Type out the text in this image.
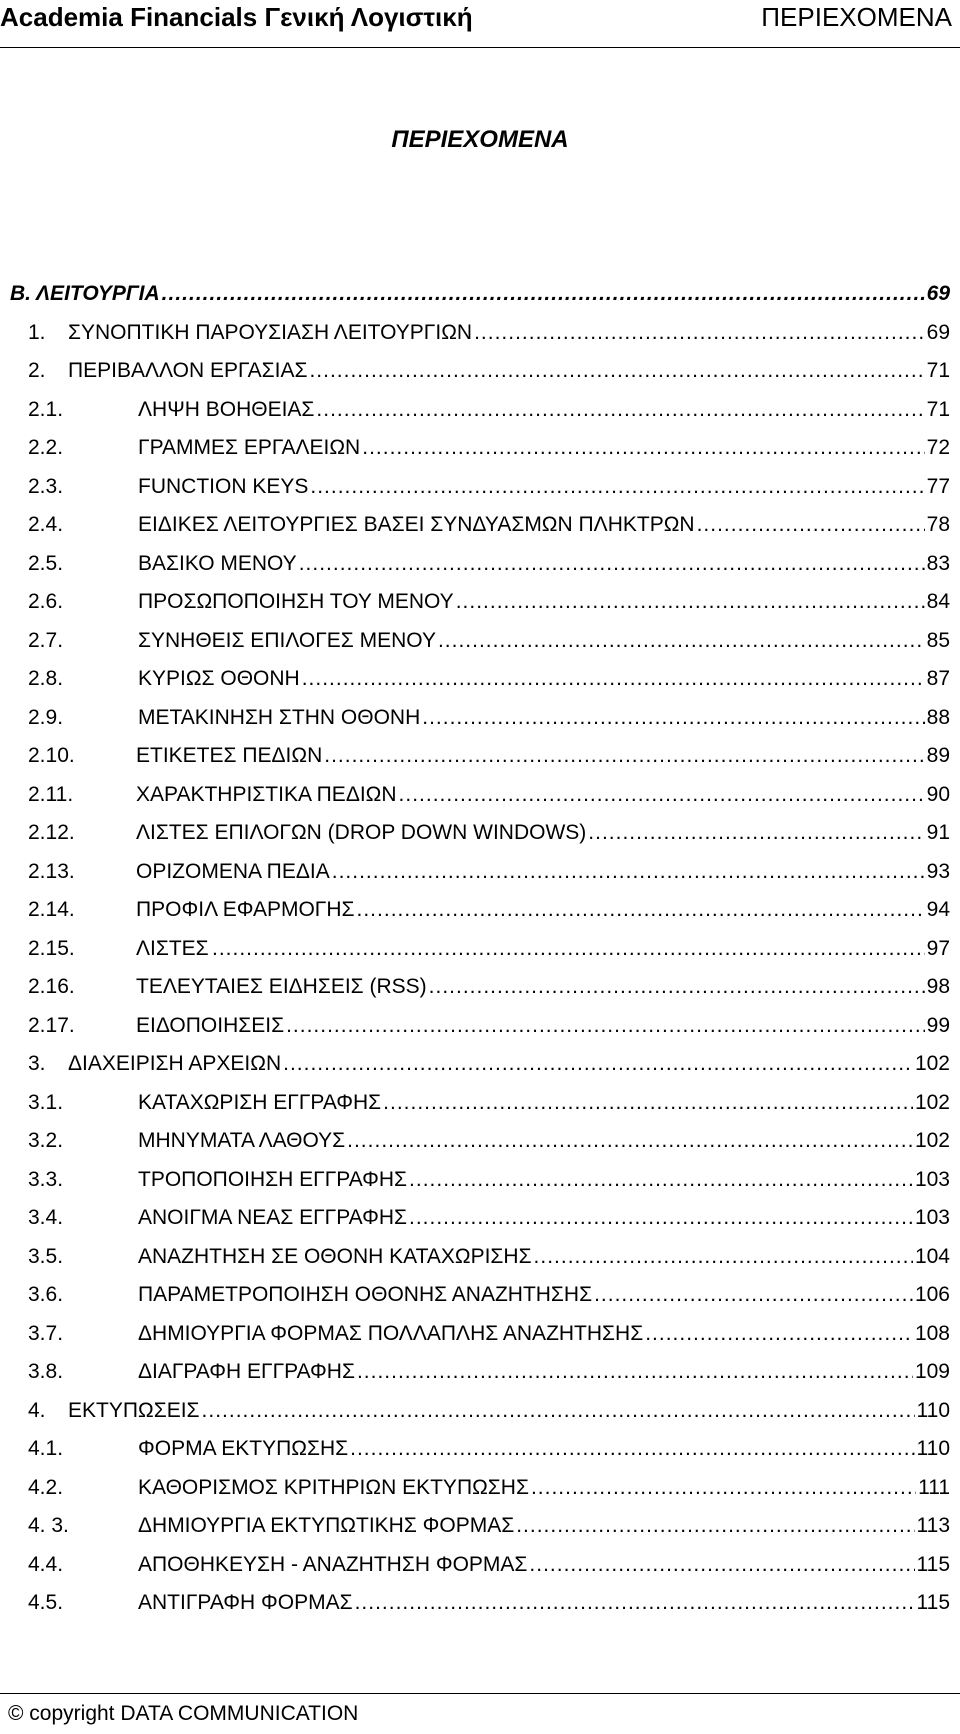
Academia Financials Γενική Λογιστική	ΠΕΡΙΕΧΟΜΕΝΑ
ΠΕΡΙΕΧΟΜΕΝΑ
Β. ΛΕΙΤΟΥΡΓΙΑ .....	69
1. ΣΥΝΟΠΤΙΚΗ ΠΑΡΟΥΣΙΑΣΗ ΛΕΙΤΟΥΡΓΙΩΝ .....	69
2. ΠΕΡΙΒΑΛΛΟΝ ΕΡΓΑΣΙΑΣ .....	71
2.1.	ΛΗΨΗ ΒΟΗΘΕΙΑΣ .....	71
2.2.	ΓΡΑΜΜΕΣ ΕΡΓΑΛΕΙΩΝ .....	72
2.3.	FUNCTION KEYS .....	77
2.4.	ΕΙΔΙΚΕΣ ΛΕΙΤΟΥΡΓΙΕΣ ΒΑΣΕΙ ΣΥΝΔΥΑΣΜΩΝ ΠΛΗΚΤΡΩΝ .....	78
2.5.	ΒΑΣΙΚΟ ΜΕΝΟΥ .....	83
2.6.	ΠΡΟΣΩΠΟΠΟΙΗΣΗ ΤΟΥ ΜΕΝΟΥ .....	84
2.7.	ΣΥΝΗΘΕΙΣ ΕΠΙΛΟΓΕΣ ΜΕΝΟΥ .....	85
2.8.	ΚΥΡΙΩΣ ΟΘΟΝΗ .....	87
2.9.	ΜΕΤΑΚΙΝΗΣΗ ΣΤΗΝ ΟΘΟΝΗ .....	88
2.10.	ΕΤΙΚΕΤΕΣ ΠΕΔΙΩΝ .....	89
2.11.	ΧΑΡΑΚΤΗΡΙΣΤΙΚΑ ΠΕΔΙΩΝ .....	90
2.12.	ΛΙΣΤΕΣ ΕΠΙΛΟΓΩΝ (DROP DOWN WINDOWS) .....	91
2.13.	ΟΡΙΖΟΜΕΝΑ ΠΕΔΙΑ .....	93
2.14.	ΠΡΟΦΙΛ ΕΦΑΡΜΟΓΗΣ .....	94
2.15.	ΛΙΣΤΕΣ .....	97
2.16.	ΤΕΛΕΥΤΑΙΕΣ ΕΙΔΗΣΕΙΣ (RSS) .....	98
2.17.	ΕΙΔΟΠΟΙΗΣΕΙΣ .....	99
3. ΔΙΑΧΕΙΡΙΣΗ ΑΡΧΕΙΩΝ .....	102
3.1.	ΚΑΤΑΧΩΡΙΣΗ ΕΓΓΡΑΦΗΣ .....	102
3.2.	ΜΗΝΥΜΑΤΑ ΛΑΘΟΥΣ .....	102
3.3.	ΤΡΟΠΟΠΟΙΗΣΗ ΕΓΓΡΑΦΗΣ .....	103
3.4.	ΑΝΟΙΓΜΑ ΝΕΑΣ ΕΓΓΡΑΦΗΣ .....	103
3.5.	ΑΝΑΖΗΤΗΣΗ ΣΕ ΟΘΟΝΗ ΚΑΤΑΧΩΡΙΣΗΣ .....	104
3.6.	ΠΑΡΑΜΕΤΡΟΠΟΙΗΣΗ ΟΘΟΝΗΣ ΑΝΑΖΗΤΗΣΗΣ .....	106
3.7.	ΔΗΜΙΟΥΡΓΙΑ ΦΟΡΜΑΣ ΠΟΛΛΑΠΛΗΣ ΑΝΑΖΗΤΗΣΗΣ .....	108
3.8.	ΔΙΑΓΡΑΦΗ ΕΓΓΡΑΦΗΣ .....	109
4. ΕΚΤΥΠΩΣΕΙΣ .....	110
4.1.	ΦΟΡΜΑ ΕΚΤΥΠΩΣΗΣ .....	110
4.2.	ΚΑΘΟΡΙΣΜΟΣ ΚΡΙΤΗΡΙΩΝ ΕΚΤΥΠΩΣΗΣ .....	111
4. 3.	ΔΗΜΙΟΥΡΓΙΑ ΕΚΤΥΠΩΤΙΚΗΣ ΦΟΡΜΑΣ .....	113
4.4.	ΑΠΟΘΗΚΕΥΣΗ - ΑΝΑΖΗΤΗΣΗ ΦΟΡΜΑΣ .....	115
4.5.	ΑΝΤΙΓΡΑΦΗ ΦΟΡΜΑΣ .....	115
© copyright DATA COMMUNICATION
